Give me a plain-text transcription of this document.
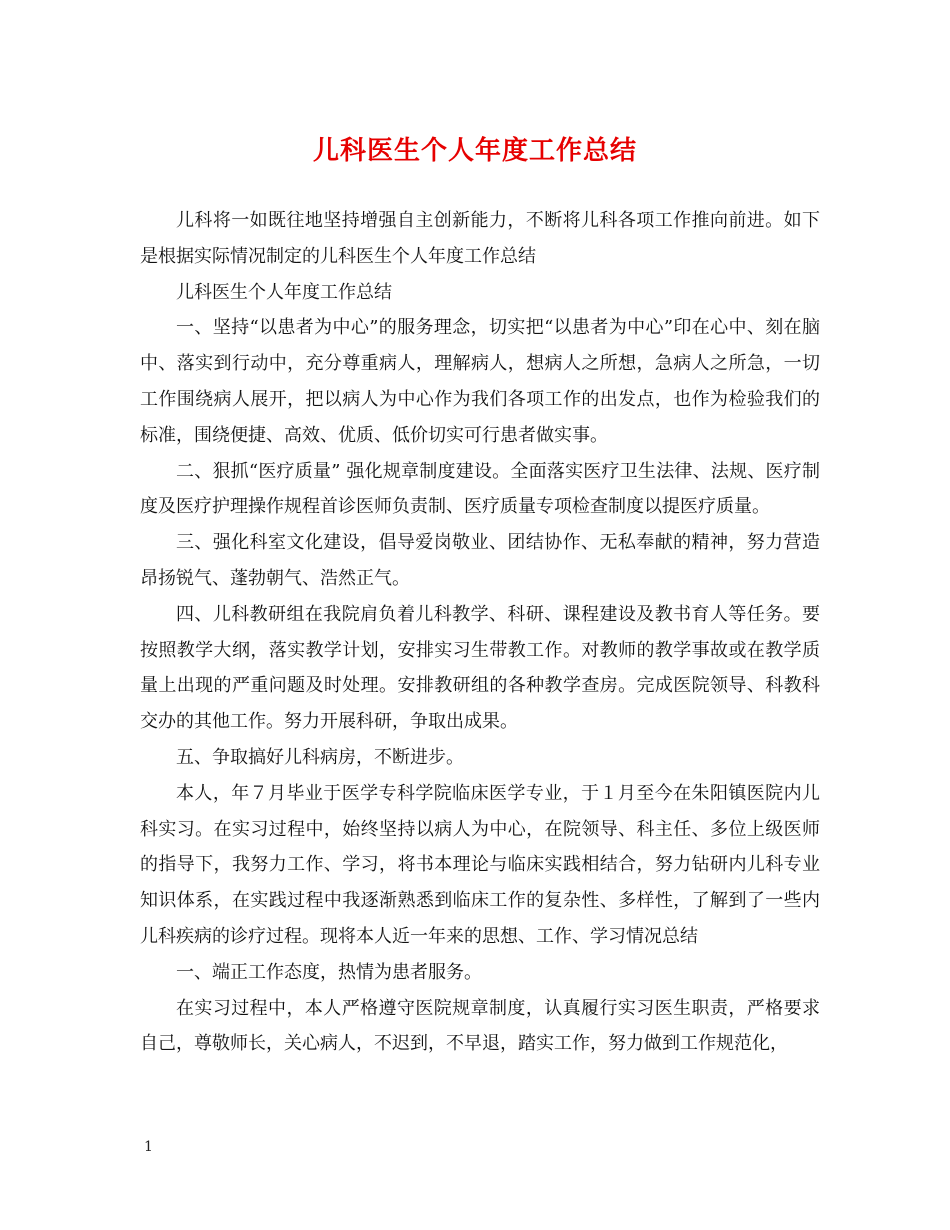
儿科医生个人年度工作总结

儿科将一如既往地坚持增强自主创新能力，不断将儿科各项工作推向前进。如下是根据实际情况制定的儿科医生个人年度工作总结

儿科医生个人年度工作总结

一、坚持“以患者为中心”的服务理念，切实把“以患者为中心”印在心中、刻在脑中、落实到行动中，充分尊重病人，理解病人，想病人之所想，急病人之所急，一切工作围绕病人展开，把以病人为中心作为我们各项工作的出发点，也作为检验我们的标准，围绕便捷、高效、优质、低价切实可行患者做实事。

二、狠抓“医疗质量” 强化规章制度建设。全面落实医疗卫生法律、法规、医疗制度及医疗护理操作规程首诊医师负责制、医疗质量专项检查制度以提医疗质量。

三、强化科室文化建设，倡导爱岗敬业、团结协作、无私奉献的精神，努力营造昂扬锐气、蓬勃朝气、浩然正气。

四、儿科教研组在我院肩负着儿科教学、科研、课程建设及教书育人等任务。要按照教学大纲，落实教学计划，安排实习生带教工作。对教师的教学事故或在教学质量上出现的严重问题及时处理。安排教研组的各种教学查房。完成医院领导、科教科交办的其他工作。努力开展科研，争取出成果。

五、争取搞好儿科病房，不断进步。

本人，年７月毕业于医学专科学院临床医学专业，于１月至今在朱阳镇医院内儿科实习。在实习过程中，始终坚持以病人为中心，在院领导、科主任、多位上级医师的指导下，我努力工作、学习，将书本理论与临床实践相结合，努力钻研内儿科专业知识体系，在实践过程中我逐渐熟悉到临床工作的复杂性、多样性，了解到了一些内儿科疾病的诊疗过程。现将本人近一年来的思想、工作、学习情况总结

一、端正工作态度，热情为患者服务。

在实习过程中，本人严格遵守医院规章制度，认真履行实习医生职责，严格要求自己，尊敬师长，关心病人，不迟到，不早退，踏实工作，努力做到工作规范化，

1
